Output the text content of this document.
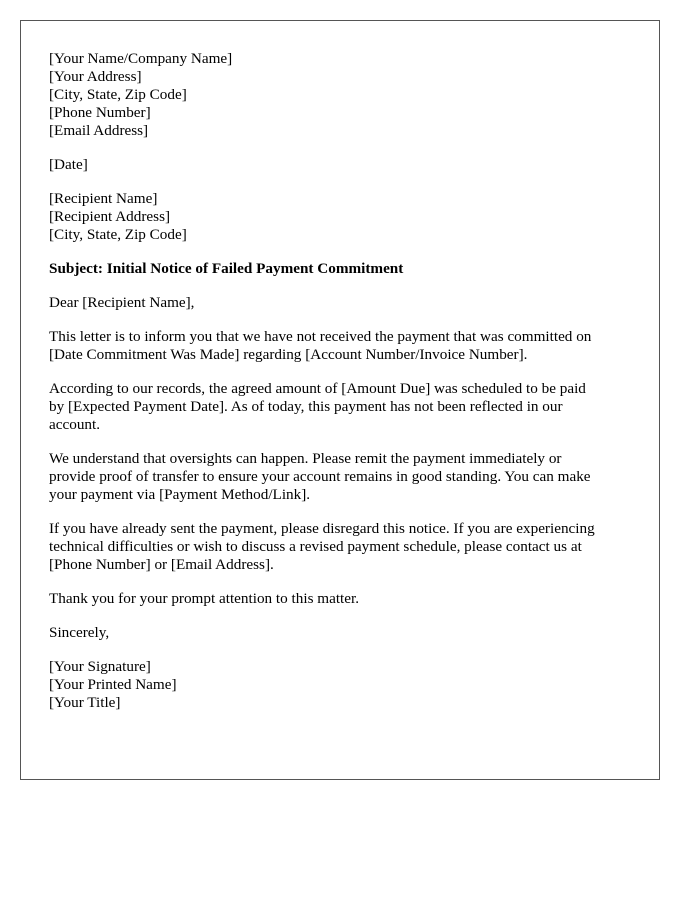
[Your Name/Company Name]
[Your Address]
[City, State, Zip Code]
[Phone Number]
[Email Address]
[Date]
[Recipient Name]
[Recipient Address]
[City, State, Zip Code]
Subject: Initial Notice of Failed Payment Commitment
Dear [Recipient Name],
This letter is to inform you that we have not received the payment that was committed on
[Date Commitment Was Made] regarding [Account Number/Invoice Number].
According to our records, the agreed amount of [Amount Due] was scheduled to be paid
by [Expected Payment Date]. As of today, this payment has not been reflected in our
account.
We understand that oversights can happen. Please remit the payment immediately or
provide proof of transfer to ensure your account remains in good standing. You can make
your payment via [Payment Method/Link].
If you have already sent the payment, please disregard this notice. If you are experiencing
technical difficulties or wish to discuss a revised payment schedule, please contact us at
[Phone Number] or [Email Address].
Thank you for your prompt attention to this matter.
Sincerely,
[Your Signature]
[Your Printed Name]
[Your Title]
